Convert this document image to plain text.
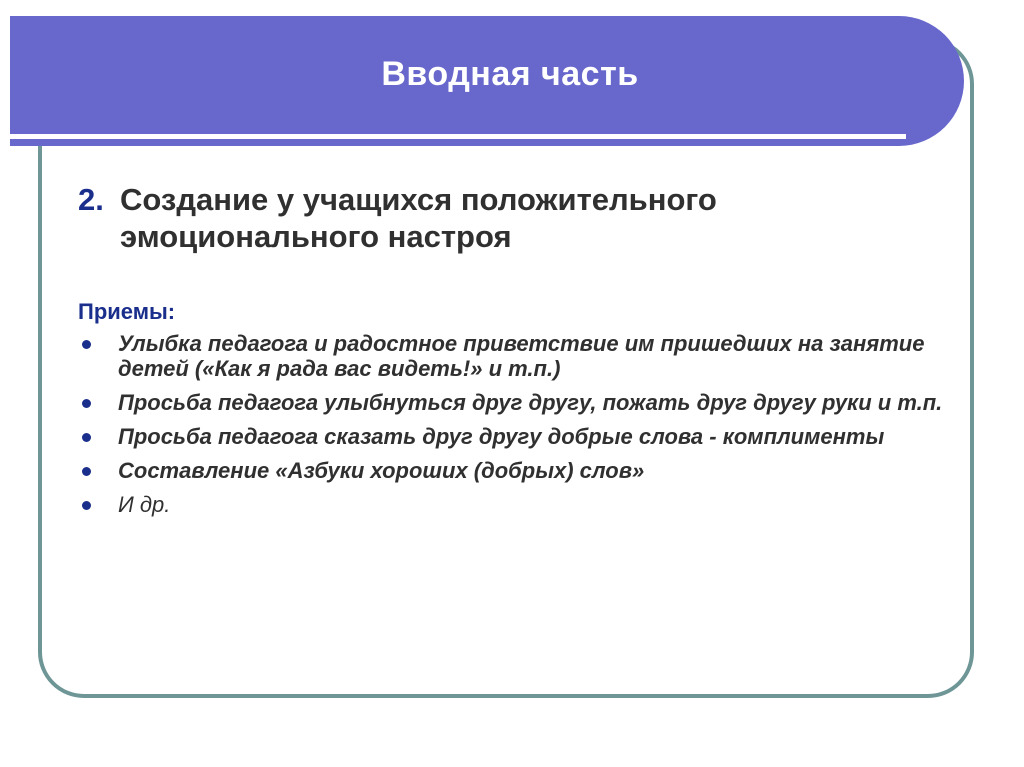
Вводная часть
2. Создание у учащихся положительного
эмоционального настроя
Приемы:
Улыбка педагога и радостное приветствие им пришедших на занятие детей («Как я рада вас видеть!» и т.п.)
Просьба педагога улыбнуться друг другу, пожать друг другу руки и т.п.
Просьба педагога сказать друг другу добрые слова - комплименты
Составление «Азбуки хороших (добрых) слов»
И др.
